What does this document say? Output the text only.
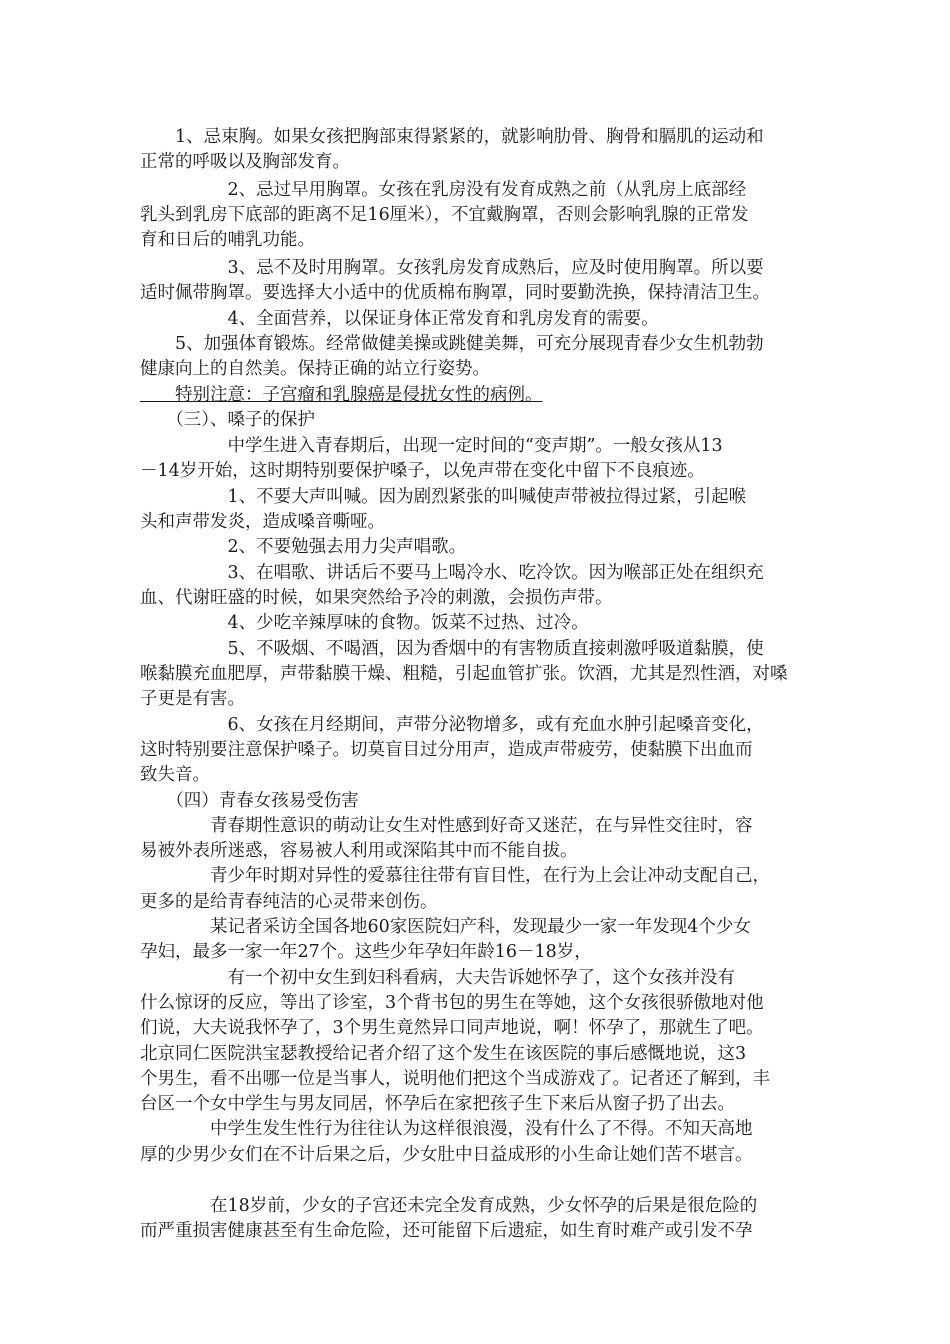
　　1、忌束胸。如果女孩把胸部束得紧紧的，就影响肋骨、胸骨和膈肌的运动和
正常的呼吸以及胸部发育。
　　　　　2、忌过早用胸罩。女孩在乳房没有发育成熟之前（从乳房上底部经
乳头到乳房下底部的距离不足16厘米），不宜戴胸罩，否则会影响乳腺的正常发
育和日后的哺乳功能。
　　　　　3、忌不及时用胸罩。女孩乳房发育成熟后，应及时使用胸罩。所以要
适时佩带胸罩。要选择大小适中的优质棉布胸罩，同时要勤洗换，保持清洁卫生。
　　　　　4、全面营养，以保证身体正常发育和乳房发育的需要。
　　5、加强体育锻炼。经常做健美操或跳健美舞，可充分展现青春少女生机勃勃
健康向上的自然美。保持正确的站立行姿势。
　　特别注意：子宫瘤和乳腺癌是侵扰女性的病例。
　　（三）、嗓子的保护
　　　　　中学生进入青春期后，出现一定时间的“变声期”。一般女孩从13
－14岁开始，这时期特别要保护嗓子，以免声带在变化中留下不良痕迹。
　　　　　1、不要大声叫喊。因为剧烈紧张的叫喊使声带被拉得过紧，引起喉
头和声带发炎，造成嗓音嘶哑。
　　　　　2、不要勉强去用力尖声唱歌。
　　　　　3、在唱歌、讲话后不要马上喝冷水、吃冷饮。因为喉部正处在组织充
血、代谢旺盛的时候，如果突然给予冷的刺激，会损伤声带。
　　　　　4、少吃辛辣厚味的食物。饭菜不过热、过冷。
　　　　　5、不吸烟、不喝酒，因为香烟中的有害物质直接刺激呼吸道黏膜，使
喉黏膜充血肥厚，声带黏膜干燥、粗糙，引起血管扩张。饮酒，尤其是烈性酒，对嗓
子更是有害。
　　　　　6、女孩在月经期间，声带分泌物增多，或有充血水肿引起嗓音变化，
这时特别要注意保护嗓子。切莫盲目过分用声，造成声带疲劳，使黏膜下出血而
致失音。
　　（四）青春女孩易受伤害
　　　　青春期性意识的萌动让女生对性感到好奇又迷茫，在与异性交往时，容
易被外表所迷惑，容易被人利用或深陷其中而不能自拔。
　　　　青少年时期对异性的爱慕往往带有盲目性，在行为上会让冲动支配自己，
更多的是给青春纯洁的心灵带来创伤。
　　　　某记者采访全国各地60家医院妇产科，发现最少一家一年发现4个少女
孕妇，最多一家一年27个。这些少年孕妇年龄16－18岁，
　　　　　有一个初中女生到妇科看病，大夫告诉她怀孕了，这个女孩并没有
什么惊讶的反应，等出了诊室，3个背书包的男生在等她，这个女孩很骄傲地对他
们说，大夫说我怀孕了，3个男生竟然异口同声地说，啊！怀孕了，那就生了吧。
北京同仁医院洪宝瑟教授给记者介绍了这个发生在该医院的事后感慨地说，这3
个男生，看不出哪一位是当事人，说明他们把这个当成游戏了。记者还了解到，丰
台区一个女中学生与男友同居，怀孕后在家把孩子生下来后从窗子扔了出去。
　　　　中学生发生性行为往往认为这样很浪漫，没有什么了不得。不知天高地
厚的少男少女们在不计后果之后，少女肚中日益成形的小生命让她们苦不堪言。
　　　　在18岁前，少女的子宫还未完全发育成熟，少女怀孕的后果是很危险的
而严重损害健康甚至有生命危险，还可能留下后遗症，如生育时难产或引发不孕
